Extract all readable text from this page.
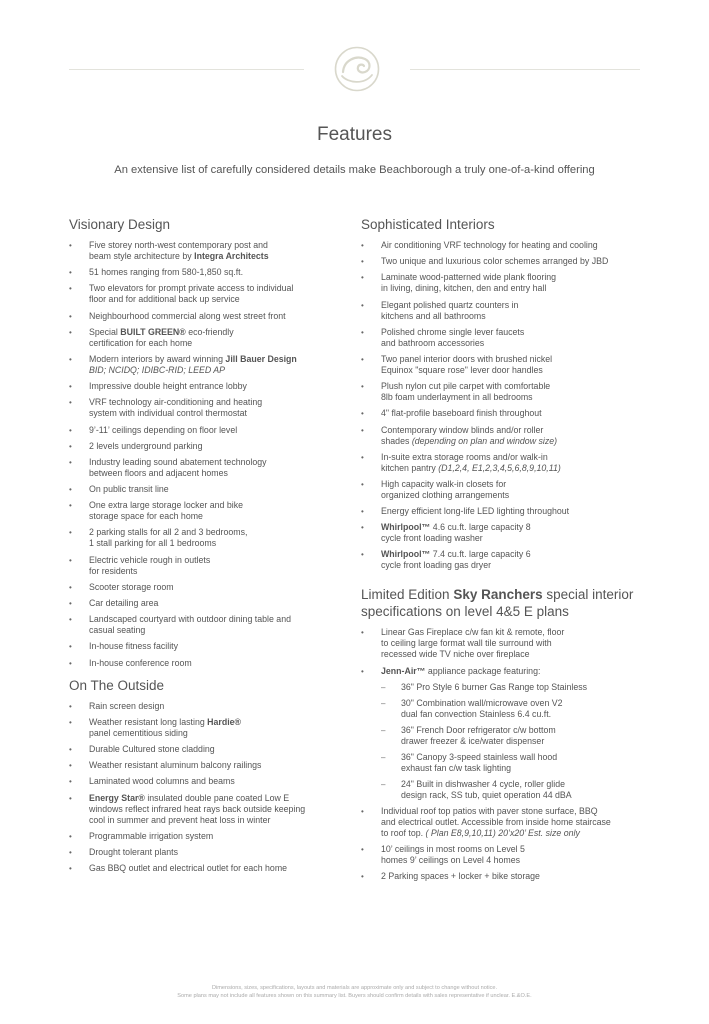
Features
An extensive list of carefully considered details make Beachborough a truly one-of-a-kind offering
Visionary Design
• Five storey north-west contemporary post and
beam style architecture by Integra Architects
• 51 homes ranging from 580-1,850 sq.ft.
• Two elevators for prompt private access to individual
floor and for additional back up service
• Neighbourhood commercial along west street front
• Special BUILT GREEN® eco-friendly
certification for each home
• Modern interiors by award winning Jill Bauer Design
BID; NCIDQ; IDIBC-RID; LEED AP
• Impressive double height entrance lobby
• VRF technology air-conditioning and heating
system with individual control thermostat
• 9’-11’ ceilings depending on floor level
• 2 levels underground parking
• Industry leading sound abatement technology
between floors and adjacent homes
• On public transit line
• One extra large storage locker and bike
storage space for each home
• 2 parking stalls for all 2 and 3 bedrooms,
1 stall parking for all 1 bedrooms
• Electric vehicle rough in outlets
for residents
• Scooter storage room
• Car detailing area
• Landscaped courtyard with outdoor dining table and
casual seating
• In-house fitness facility
• In-house conference room
On The Outside
• Rain screen design
• Weather resistant long lasting Hardie®
panel cementitious siding
• Durable Cultured stone cladding
• Weather resistant aluminum balcony railings
• Laminated wood columns and beams
• Energy Star® insulated double pane coated Low E
windows reflect infrared heat rays back outside keeping
cool in summer and prevent heat loss in winter
• Programmable irrigation system
• Drought tolerant plants
• Gas BBQ outlet and electrical outlet for each home
Sophisticated Interiors
• Air conditioning VRF technology for heating and cooling
• Two unique and luxurious color schemes arranged by JBD
• Laminate wood-patterned wide plank flooring
in living, dining, kitchen, den and entry hall
• Elegant polished quartz counters in
kitchens and all bathrooms
• Polished chrome single lever faucets
and bathroom accessories
• Two panel interior doors with brushed nickel
Equinox "square rose" lever door handles
• Plush nylon cut pile carpet with comfortable
8lb foam underlayment in all bedrooms
• 4" flat-profile baseboard finish throughout
• Contemporary window blinds and/or roller
shades (depending on plan and window size)
• In-suite extra storage rooms and/or walk-in
kitchen pantry (D1,2,4, E1,2,3,4,5,6,8,9,10,11)
• High capacity walk-in closets for
organized clothing arrangements
• Energy efficient long-life LED lighting throughout
• Whirlpool™ 4.6 cu.ft. large capacity 8
cycle front loading washer
• Whirlpool™ 7.4 cu.ft. large capacity 6
cycle front loading gas dryer
Limited Edition Sky Ranchers special interior
specifications on level 4&5 E plans
• Linear Gas Fireplace c/w fan kit & remote, floor
to ceiling large format wall tile surround with
recessed wide TV niche over fireplace
• Jenn-Air™ appliance package featuring:
– 36" Pro Style 6 burner Gas Range top Stainless
– 30" Combination wall/microwave oven V2
dual fan convection Stainless 6.4 cu.ft.
– 36" French Door refrigerator c/w bottom
drawer freezer & ice/water dispenser
– 36" Canopy 3-speed stainless wall hood
exhaust fan c/w task lighting
– 24" Built in dishwasher 4 cycle, roller glide
design rack, SS tub, quiet operation 44 dBA
• Individual roof top patios with paver stone surface, BBQ
and electrical outlet. Accessible from inside home staircase
to roof top. ( Plan E8,9,10,11) 20’x20’ Est. size only
• 10’ ceilings in most rooms on Level 5
homes 9’ ceilings on Level 4 homes
• 2 Parking spaces + locker + bike storage
Dimensions, sizes, specifications, layouts and materials are approximate only and subject to change without notice.
Some plans may not include all features shown on this summary list. Buyers should confirm details with sales representative if unclear. E.&O.E.
